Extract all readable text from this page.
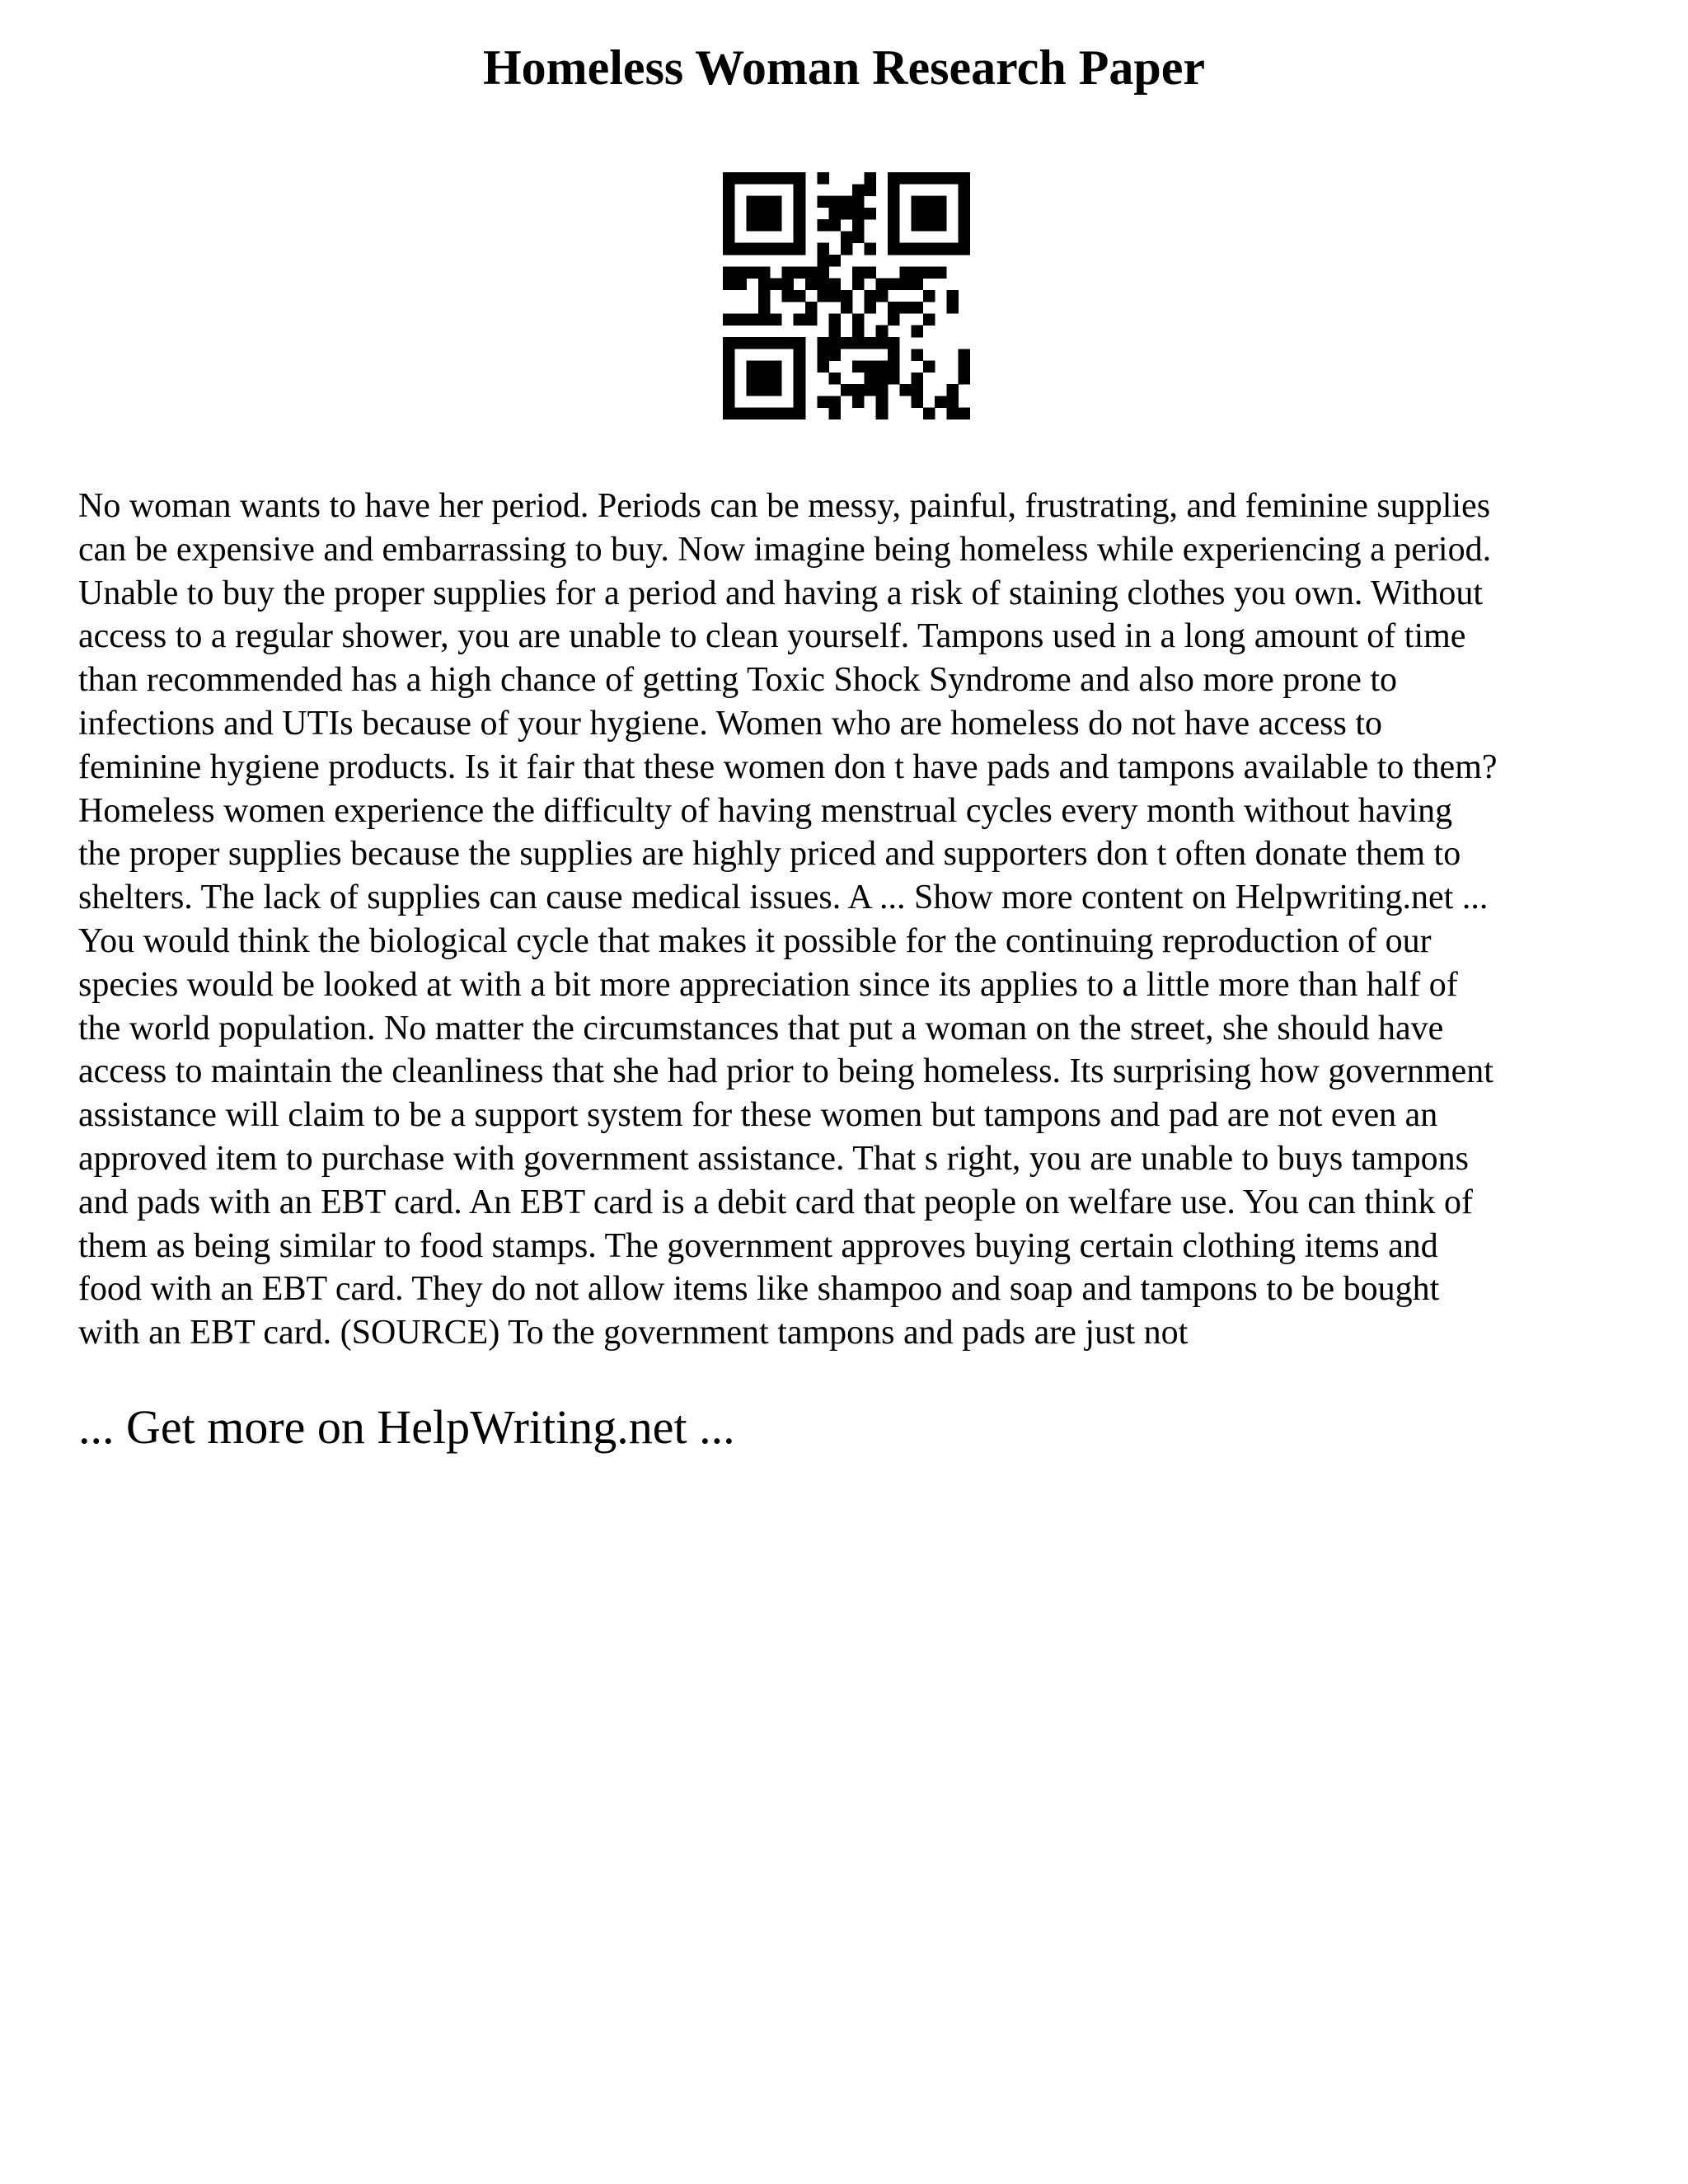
Homeless Woman Research Paper
No woman wants to have her period. Periods can be messy, painful, frustrating, and feminine supplies
can be expensive and embarrassing to buy. Now imagine being homeless while experiencing a period.
Unable to buy the proper supplies for a period and having a risk of staining clothes you own. Without
access to a regular shower, you are unable to clean yourself. Tampons used in a long amount of time
than recommended has a high chance of getting Toxic Shock Syndrome and also more prone to
infections and UTIs because of your hygiene. Women who are homeless do not have access to
feminine hygiene products. Is it fair that these women don t have pads and tampons available to them?
Homeless women experience the difficulty of having menstrual cycles every month without having
the proper supplies because the supplies are highly priced and supporters don t often donate them to
shelters. The lack of supplies can cause medical issues. A ... Show more content on Helpwriting.net ...
You would think the biological cycle that makes it possible for the continuing reproduction of our
species would be looked at with a bit more appreciation since its applies to a little more than half of
the world population. No matter the circumstances that put a woman on the street, she should have
access to maintain the cleanliness that she had prior to being homeless. Its surprising how government
assistance will claim to be a support system for these women but tampons and pad are not even an
approved item to purchase with government assistance. That s right, you are unable to buys tampons
and pads with an EBT card. An EBT card is a debit card that people on welfare use. You can think of
them as being similar to food stamps. The government approves buying certain clothing items and
food with an EBT card. They do not allow items like shampoo and soap and tampons to be bought
with an EBT card. (SOURCE) To the government tampons and pads are just not
... Get more on HelpWriting.net ...
